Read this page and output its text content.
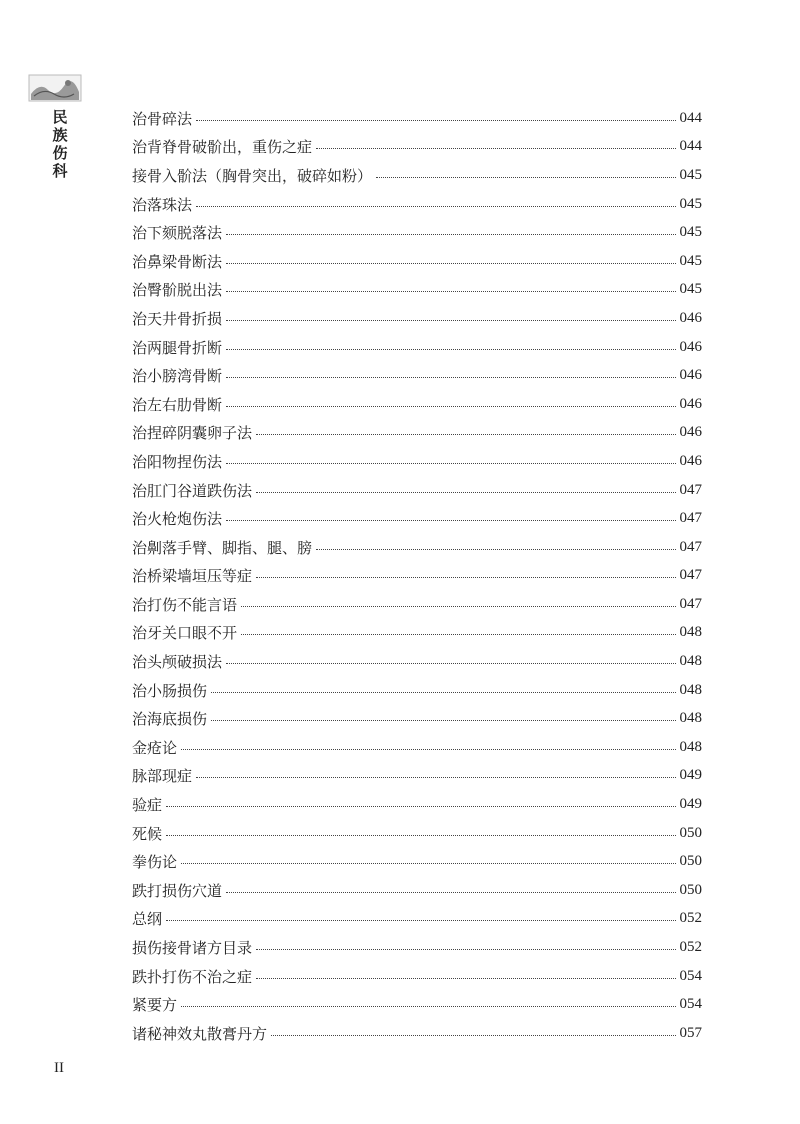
民
族
伤
科
治骨碎法	044
治背脊骨破骱出，重伤之症	044
接骨入骱法（胸骨突出，破碎如粉）	045
治落珠法	045
治下颏脱落法	045
治鼻梁骨断法	045
治臀骱脱出法	045
治天井骨折损	046
治两腿骨折断	046
治小膀湾骨断	046
治左右肋骨断	046
治捏碎阴囊卵子法	046
治阳物捏伤法	046
治肛门谷道跌伤法	047
治火枪炮伤法	047
治劓落手臂、脚指、腿、膀	047
治桥梁墙垣压等症	047
治打伤不能言语	047
治牙关口眼不开	048
治头颅破损法	048
治小肠损伤	048
治海底损伤	048
金疮论	048
脉部现症	049
验症	049
死候	050
拳伤论	050
跌打损伤穴道	050
总纲	052
损伤接骨诸方目录	052
跌扑打伤不治之症	054
紧要方	054
诸秘神效丸散膏丹方	057
II
